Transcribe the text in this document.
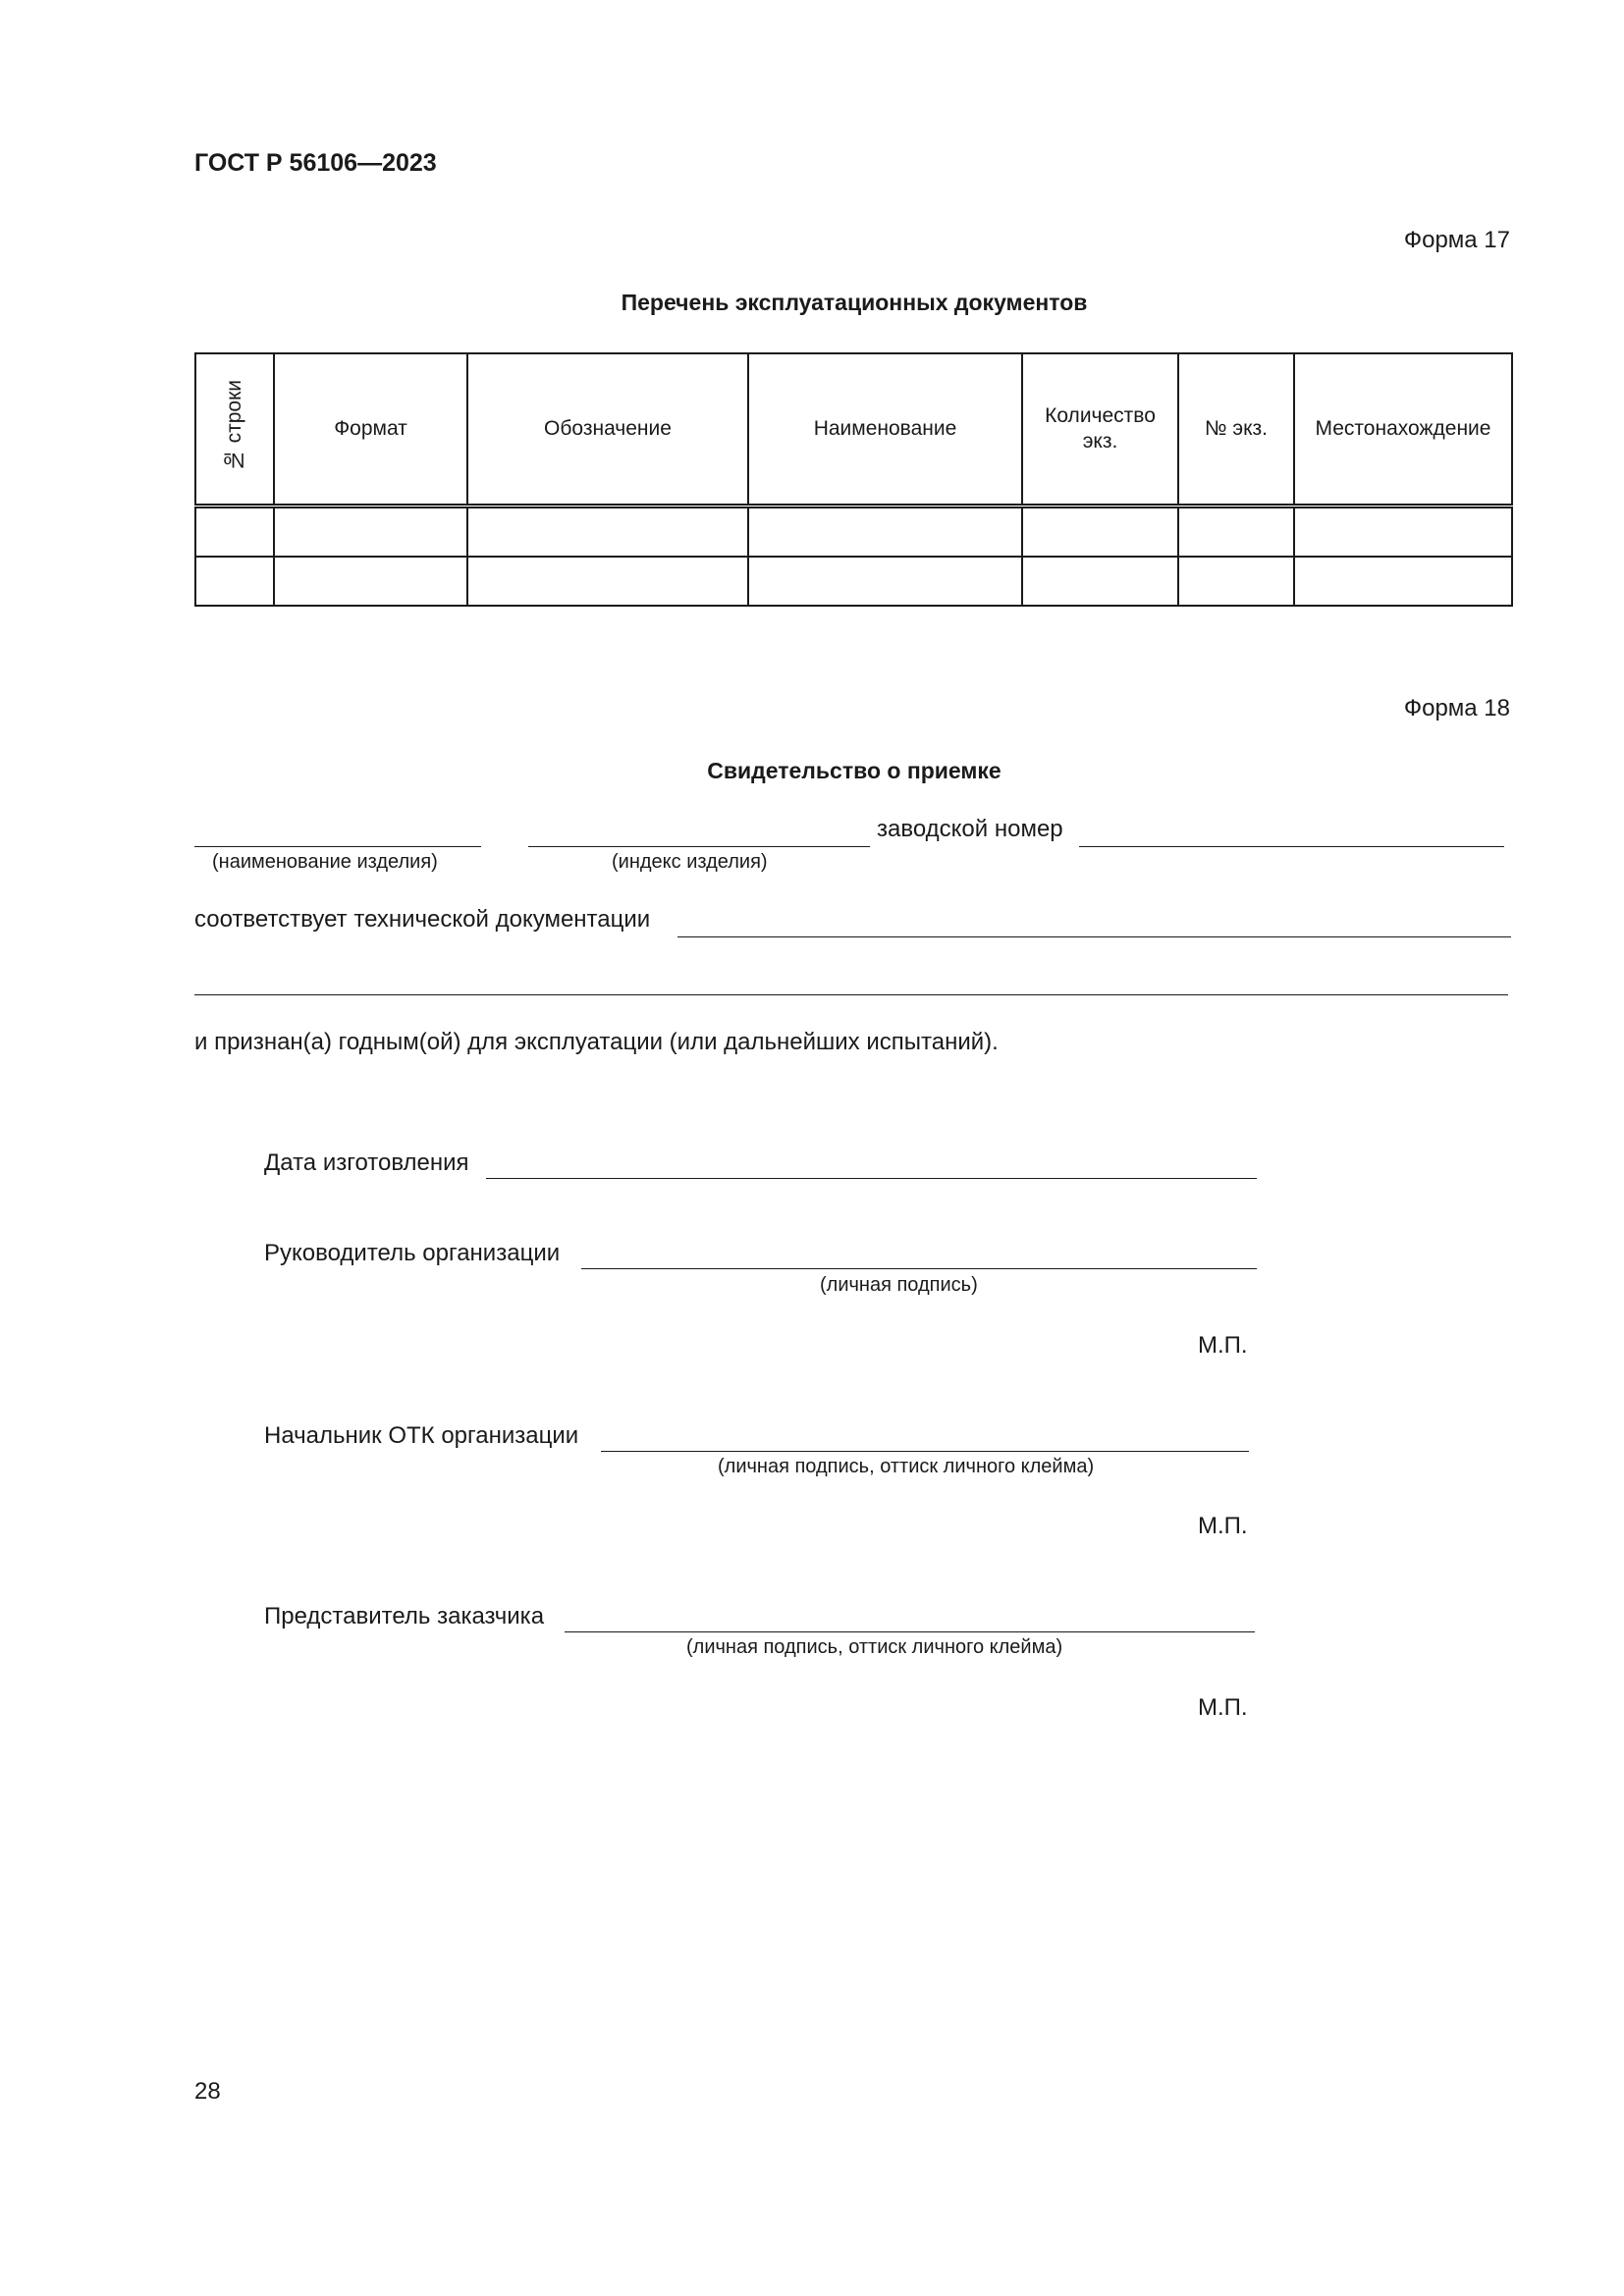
ГОСТ Р 56106—2023
Форма 17
Перечень эксплуатационных документов
№ строки	Формат	Обозначение	Наименование	Количество экз.	№ экз.	Местонахождение

Форма 18
Свидетельство о приемке
заводской номер
(наименование изделия)	(индекс изделия)
соответствует технической документации
и признан(а) годным(ой) для эксплуатации (или дальнейших испытаний).
Дата изготовления
Руководитель организации
(личная подпись)
М.П.
Начальник ОТК организации
(личная подпись, оттиск личного клейма)
М.П.
Представитель заказчика
(личная подпись, оттиск личного клейма)
М.П.
28
